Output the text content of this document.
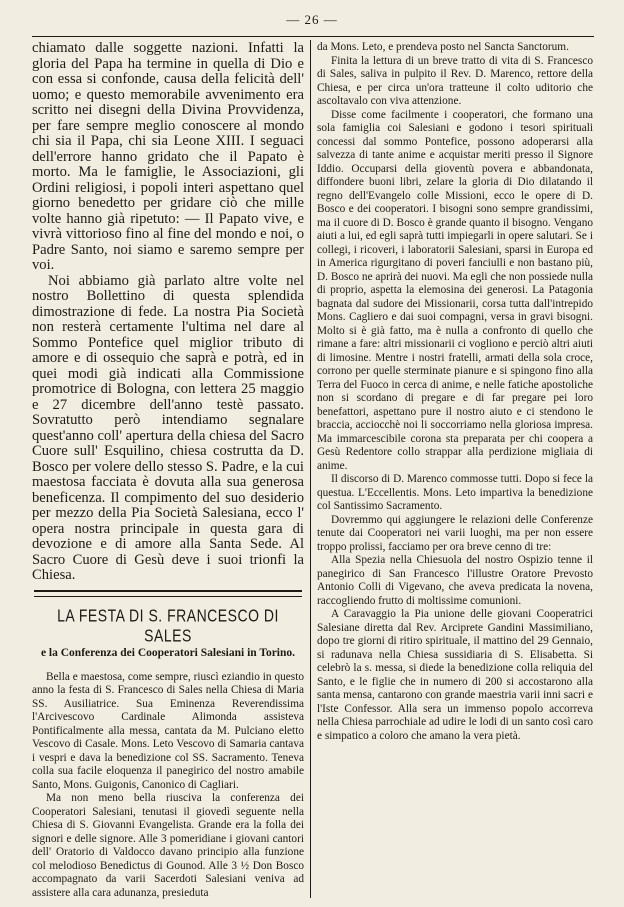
— 26 —

chiamato dalle soggette nazioni. Infatti la gloria del Papa ha termine in quella di Dio e con essa si confonde, causa della felicità dell' uomo; e questo memorabile avvenimento era scritto nei disegni della Divina Provvidenza, per fare sempre meglio conoscere al mondo chi sia il Papa, chi sia Leone XIII. I seguaci dell'errore hanno gridato che il Papato è morto. Ma le famiglie, le Associazioni, gli Ordini religiosi, i popoli interi aspettano quel giorno benedetto per gridare ciò che mille volte hanno già ripetuto: — Il Papato vive, e vivrà vittorioso fino al fine del mondo e noi, o Padre Santo, noi siamo e saremo sempre per voi.

Noi abbiamo già parlato altre volte nel nostro Bollettino di questa splendida dimostrazione di fede. La nostra Pia Società non resterà certamente l'ultima nel dare al Sommo Pontefice quel miglior tributo di amore e di ossequio che saprà e potrà, ed in quei modi già indicati alla Commissione promotrice di Bologna, con lettera 25 maggio e 27 dicembre dell'anno testè passato. Sovratutto però intendiamo segnalare quest'anno coll' apertura della chiesa del Sacro Cuore sull' Esquilino, chiesa costrutta da D. Bosco per volere dello stesso S. Padre, e la cui maestosa facciata è dovuta alla sua generosa beneficenza. Il compimento del suo desiderio per mezzo della Pia Società Salesiana, ecco l' opera nostra principale in questa gara di devozione e di amore alla Santa Sede. Al Sacro Cuore di Gesù deve i suoi trionfi la Chiesa.

LA FESTA DI S. FRANCESCO DI SALES
e la Conferenza dei Cooperatori Salesiani in Torino.

Bella e maestosa, come sempre, riuscì eziandio in questo anno la festa di S. Francesco di Sales nella Chiesa di Maria SS. Ausiliatrice. Sua Eminenza Reverendissima l'Arcivescovo Cardinale Alimonda assisteva Pontificalmente alla messa, cantata da M. Pulciano eletto Vescovo di Casale. Mons. Leto Vescovo di Samaria cantava i vespri e dava la benedizione col SS. Sacramento. Teneva colla sua facile eloquenza il panegirico del nostro amabile Santo, Mons. Guigonis, Canonico di Cagliari.

Ma non meno bella riusciva la conferenza dei Cooperatori Salesiani, tenutasi il giovedì seguente nella Chiesa di S. Giovanni Evangelista. Grande era la folla dei signori e delle signore. Alle 3 pomeridiane i giovani cantori dell' Oratorio di Valdocco davano principio alla funzione col melodioso Benedictus di Gounod. Alle 3 ½ Don Bosco accompagnato da varii Sacerdoti Salesiani veniva ad assistere alla cara adunanza, presieduta

da Mons. Leto, e prendeva posto nel Sancta Sanctorum.

Finita la lettura di un breve tratto di vita di S. Francesco di Sales, saliva in pulpito il Rev. D. Marenco, rettore della Chiesa, e per circa un'ora tratteune il colto uditorio che ascoltavalo con viva attenzione.

Disse come facilmente i cooperatori, che formano una sola famiglia coi Salesiani e godono i tesori spirituali concessi dal sommo Pontefice, possono adoperarsi alla salvezza di tante anime e acquistar meriti presso il Signore Iddio. Occuparsi della gioventù povera e abbandonata, diffondere buoni libri, zelare la gloria di Dio dilatando il regno dell'Evangelo colle Missioni, ecco le opere di D. Bosco e dei cooperatori. I bisogni sono sempre grandissimi, ma il cuore di D. Bosco è grande quanto il bisogno. Vengano aiuti a lui, ed egli saprà tutti impiegarli in opere salutari. Se i collegi, i ricoveri, i laboratorii Salesiani, sparsi in Europa ed in America rigurgitano di poveri fanciulli e non bastano più, D. Bosco ne aprirà dei nuovi. Ma egli che non possiede nulla di proprio, aspetta la elemosina dei generosi. La Patagonia bagnata dal sudore dei Missionarii, corsa tutta dall'intrepido Mons. Cagliero e dai suoi compagni, versa in gravi bisogni. Molto si è già fatto, ma è nulla a confronto di quello che rimane a fare: altri missionarii ci vogliono e perciò altri aiuti di limosine. Mentre i nostri fratelli, armati della sola croce, corrono per quelle sterminate pianure e si spingono fino alla Terra del Fuoco in cerca di anime, e nelle fatiche apostoliche non si scordano di pregare e di far pregare pei loro benefattori, aspettano pure il nostro aiuto e ci stendono le braccia, acciocchè noi li soccorriamo nella gloriosa impresa. Ma immarcescibile corona sta preparata per chi coopera a Gesù Redentore collo strappar alla perdizione migliaia di anime.

Il discorso di D. Marenco commosse tutti. Dopo si fece la questua. L'Eccellentis. Mons. Leto impartiva la benedizione col Santissimo Sacramento.

Dovremmo qui aggiungere le relazioni delle Conferenze tenute dai Cooperatori nei varii luoghi, ma per non essere troppo prolissi, facciamo per ora breve cenno di tre:

Alla Spezia nella Chiesuola del nostro Ospizio tenne il panegirico di San Francesco l'illustre Oratore Prevosto Antonio Colli di Vigevano, che aveva predicata la novena, raccogliendo frutto di moltissime comunioni.

A Caravaggio la Pia unione delle giovani Cooperatrici Salesiane diretta dal Rev. Arciprete Gandini Massimiliano, dopo tre giorni di ritiro spirituale, il mattino del 29 Gennaio, si radunava nella Chiesa sussidiaria di S. Elisabetta. Si celebrò la s. messa, si diede la benedizione colla reliquia del Santo, e le figlie che in numero di 200 si accostarono alla santa mensa, cantarono con grande maestria varii inni sacri e l'Iste Confessor. Alla sera un immenso popolo accorreva nella Chiesa parrochiale ad udire le lodi di un santo così caro e simpatico a coloro che amano la vera pietà.
